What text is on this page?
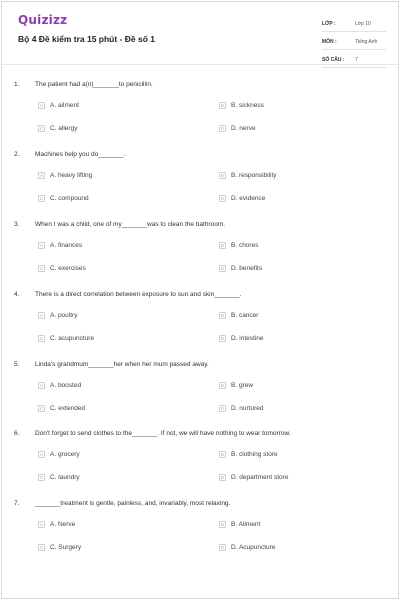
Quizizz
Bộ 4 Đề kiểm tra 15 phút - Đề số 1
LỚP :	Lớp 10
MÔN :	Tiếng Anh
SỐ CÂU :	7
1. The patient had a(n)_______to penicillin.
A	A. ailment	B	B. sickness
C C. allergy	D D. nerve
2. Machines help you do_______.
A	A. heavy lifting	B	B. responsibility
C C. compound	D D. evidence
3. When I was a child, one of my_______was to clean the bathroom.
A	A. finances	B	B. chores
C C. exercises	D D. benefits
4. There is a direct correlation between exposure to sun and skin_______.
A	A. poultry	B	B. cancer
C C. acupuncture	D D. intestine
5. Linda's grandmum_______her when her mum passed away.
A	A. boosted	B	B. grew
C C. extended	D D. nurtured
6. Don't forget to send clothes to the_______. If not, we will have nothing to wear tomorrow.
A	A. grocery	B	B. clothing store
C C. laundry	D D. department store
7. _______treatment is gentle, painless, and, invariably, most relaxing.
A	A. Nerve	B	B. Ailment
C C. Surgery	D D. Acupuncture
